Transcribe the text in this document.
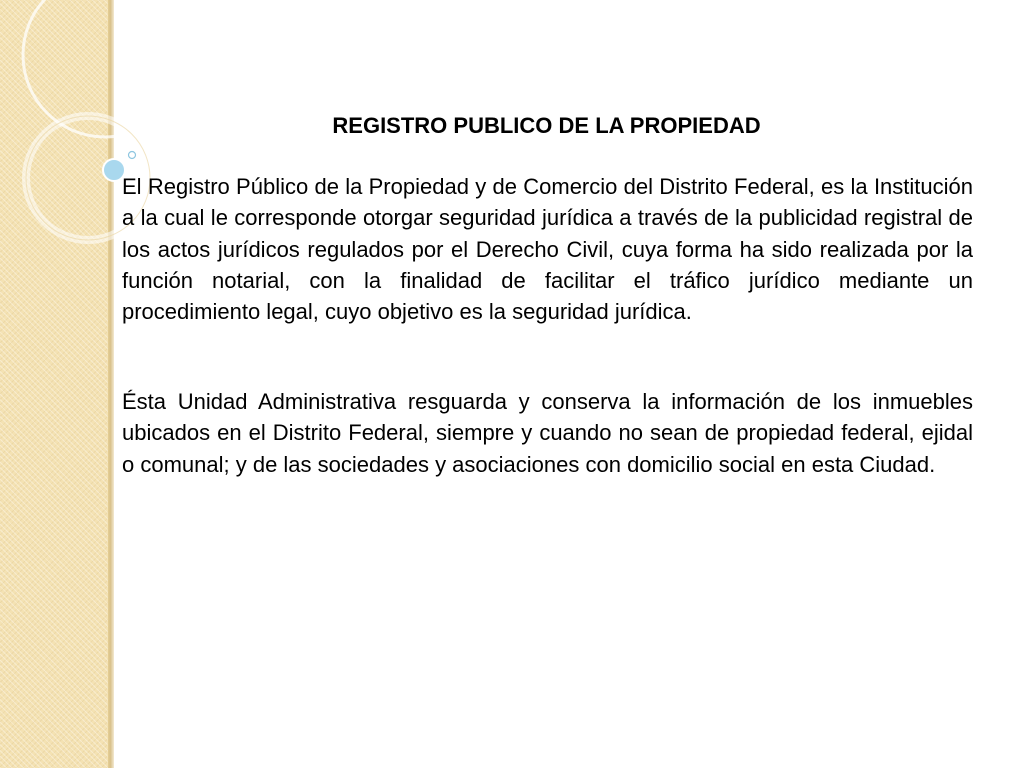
REGISTRO PUBLICO DE LA PROPIEDAD

El Registro Público de la Propiedad y de Comercio del Distrito Federal, es la Institución a la cual le corresponde otorgar seguridad jurídica a través de la publicidad registral de los actos jurídicos regulados por el Derecho Civil, cuya forma ha sido realizada por la función notarial, con la finalidad de facilitar el tráfico jurídico mediante un procedimiento legal, cuyo objetivo es la seguridad jurídica.

Ésta Unidad Administrativa resguarda y conserva la información de los inmuebles ubicados en el Distrito Federal, siempre y cuando no sean de propiedad federal, ejidal o comunal; y de las sociedades y asociaciones con domicilio social en esta Ciudad.
